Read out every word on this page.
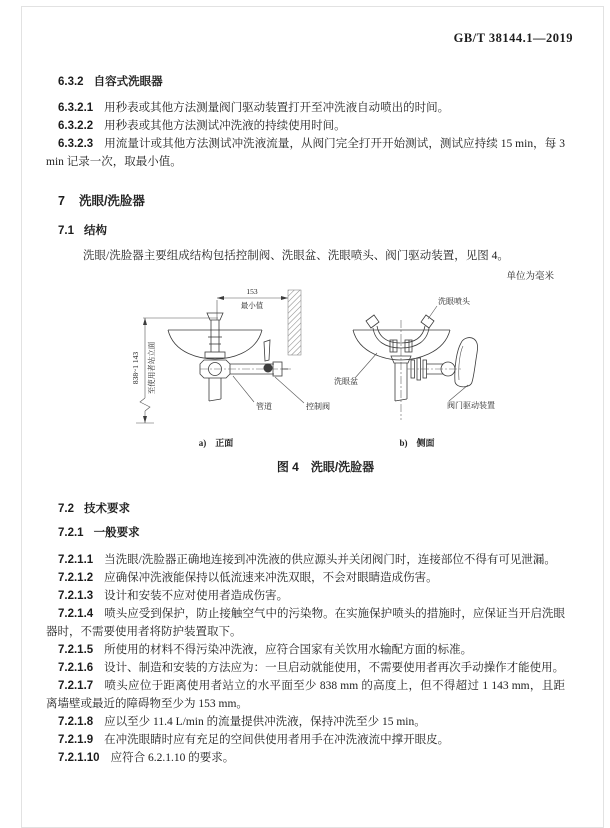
GB/T 38144.1—2019
6.3.2 自容式洗眼器

6.3.2.1 用秒表或其他方法测量阀门驱动装置打开至冲洗液自动喷出的时间。

6.3.2.2 用秒表或其他方法测试冲洗液的持续使用时间。

6.3.2.3 用流量计或其他方法测试冲洗液流量，从阀门完全打开开始测试，测试应持续 15 min，每 3 min 记录一次，取最小值。

7 洗眼/洗脸器
7.1 结构
洗眼/洗脸器主要组成结构包括控制阀、洗眼盆、洗眼喷头、阀门驱动装置，见图 4。
单位为毫米
153
最小值
838~1 143 至使用者站立面
管道	控制阀
a)　正面
洗眼喷头
洗眼盆
阀门驱动装置
b)　侧面
图 4　洗眼/洗脸器
7.2 技术要求
7.2.1 一般要求

7.2.1.1 当洗眼/洗脸器正确地连接到冲洗液的供应源头并关闭阀门时，连接部位不得有可见泄漏。

7.2.1.2 应确保冲洗液能保持以低流速来冲洗双眼，不会对眼睛造成伤害。

7.2.1.3 设计和安装不应对使用者造成伤害。

7.2.1.4 喷头应受到保护，防止接触空气中的污染物。在实施保护喷头的措施时，应保证当开启洗眼器时，不需要使用者将防护装置取下。

7.2.1.5 所使用的材料不得污染冲洗液，应符合国家有关饮用水输配方面的标准。

7.2.1.6 设计、制造和安装的方法应为：一旦启动就能使用，不需要使用者再次手动操作才能使用。

7.2.1.7 喷头应位于距离使用者站立的水平面至少 838 mm 的高度上，但不得超过 1 143 mm，且距离墙壁或最近的障碍物至少为 153 mm。

7.2.1.8 应以至少 11.4 L/min 的流量提供冲洗液，保持冲洗至少 15 min。

7.2.1.9 在冲洗眼睛时应有充足的空间供使用者用手在冲洗液流中撑开眼皮。

7.2.1.10 应符合 6.2.1.10 的要求。
